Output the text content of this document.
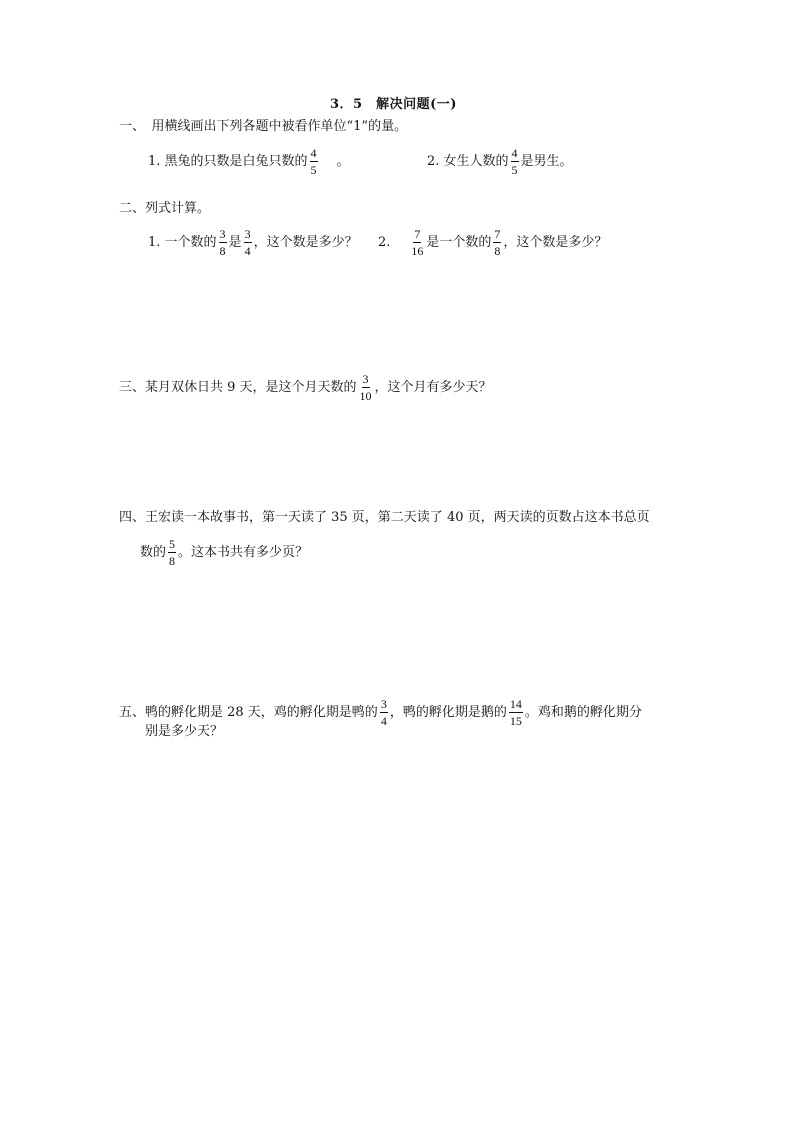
3．5　解决问题(一)
一、　用横线画出下列各题中被看作单位“1”的量。
1. 黑兔的只数是白兔只数的 $\frac{4}{5}$ 　 。	2. 女生人数的 $\frac{4}{5}$ 是男生。
二、列式计算。
1. 一个数的 $\frac{3}{8}$ 是 $\frac{3}{4}$ ，这个数是多少？ 2. $\frac{7}{16}$ 是一个数的 $\frac{7}{8}$ ，这个数是多少？
三、某月双休日共 9 天，是这个月天数的 $\frac{3}{10}$ ，这个月有多少天？
四、王宏读一本故事书，第一天读了 35 页，第二天读了 40 页，两天读的页数占这本书总页
数的 $\frac{5}{8}$ 。这本书共有多少页？
五、鸭的孵化期是 28 天，鸡的孵化期是鸭的 $\frac{3}{4}$ ，鸭的孵化期是鹅的 $\frac{14}{15}$ 。鸡和鹅的孵化期分
别是多少天？
